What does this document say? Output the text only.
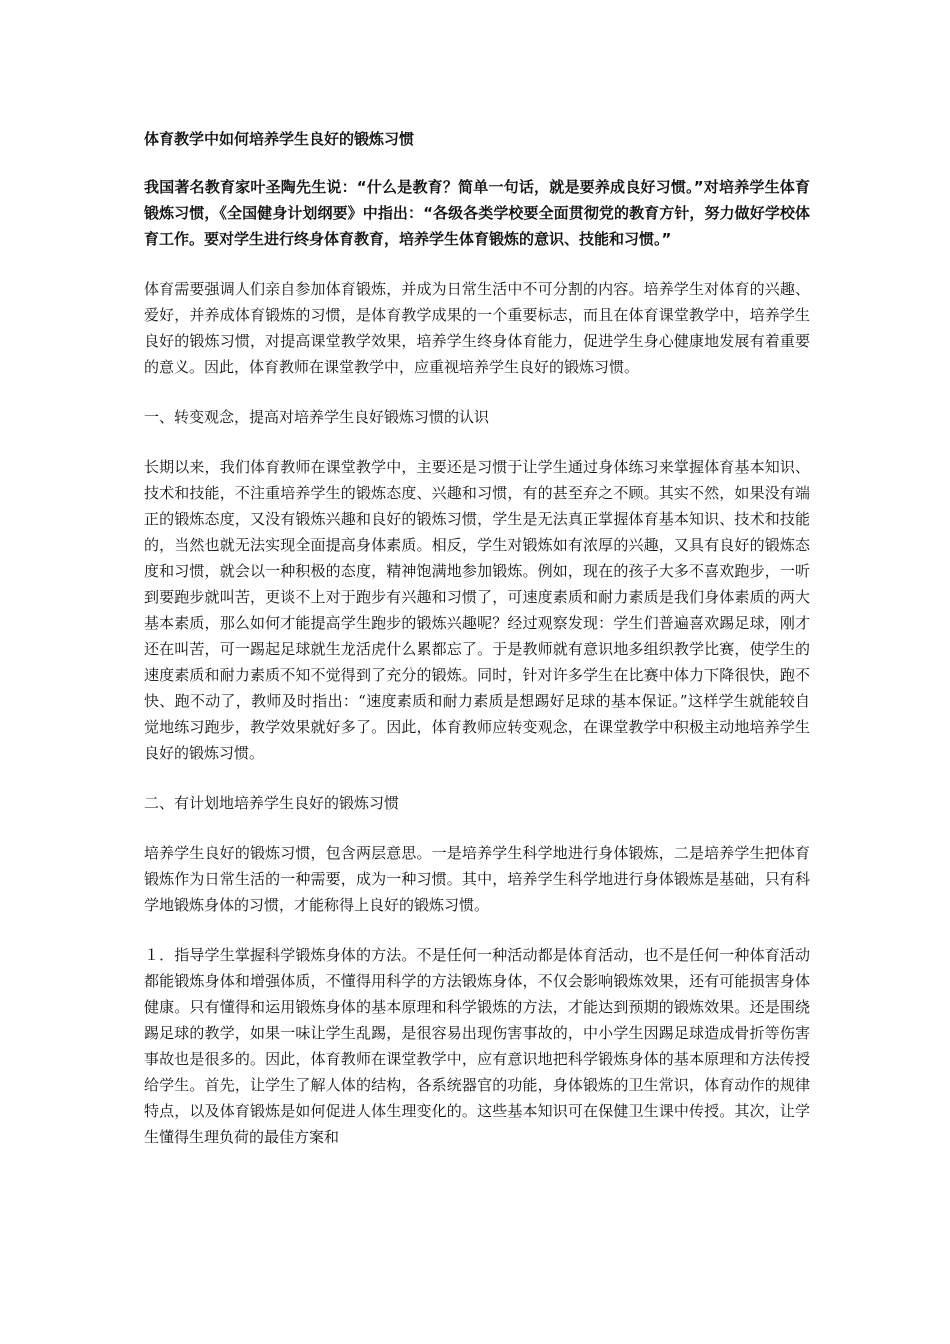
体育教学中如何培养学生良好的锻炼习惯
我国著名教育家叶圣陶先生说：“什么是教育？简单一句话，就是要养成良好习惯。”对培养学生体育锻炼习惯，《全国健身计划纲要》中指出：“各级各类学校要全面贯彻党的教育方针，努力做好学校体育工作。要对学生进行终身体育教育，培养学生体育锻炼的意识、技能和习惯。”
体育需要强调人们亲自参加体育锻炼，并成为日常生活中不可分割的内容。培养学生对体育的兴趣、爱好，并养成体育锻炼的习惯，是体育教学成果的一个重要标志，而且在体育课堂教学中，培养学生良好的锻炼习惯，对提高课堂教学效果，培养学生终身体育能力，促进学生身心健康地发展有着重要的意义。因此，体育教师在课堂教学中，应重视培养学生良好的锻炼习惯。
一、转变观念，提高对培养学生良好锻炼习惯的认识
长期以来，我们体育教师在课堂教学中，主要还是习惯于让学生通过身体练习来掌握体育基本知识、技术和技能，不注重培养学生的锻炼态度、兴趣和习惯，有的甚至弃之不顾。其实不然，如果没有端正的锻炼态度，又没有锻炼兴趣和良好的锻炼习惯，学生是无法真正掌握体育基本知识、技术和技能的，当然也就无法实现全面提高身体素质。相反，学生对锻炼如有浓厚的兴趣，又具有良好的锻炼态度和习惯，就会以一种积极的态度，精神饱满地参加锻炼。例如，现在的孩子大多不喜欢跑步，一听到要跑步就叫苦，更谈不上对于跑步有兴趣和习惯了，可速度素质和耐力素质是我们身体素质的两大基本素质，那么如何才能提高学生跑步的锻炼兴趣呢？经过观察发现：学生们普遍喜欢踢足球，刚才还在叫苦，可一踢起足球就生龙活虎什么累都忘了。于是教师就有意识地多组织教学比赛，使学生的速度素质和耐力素质不知不觉得到了充分的锻炼。同时，针对许多学生在比赛中体力下降很快，跑不快、跑不动了，教师及时指出：“速度素质和耐力素质是想踢好足球的基本保证。”这样学生就能较自觉地练习跑步，教学效果就好多了。因此，体育教师应转变观念，在课堂教学中积极主动地培养学生良好的锻炼习惯。
二、有计划地培养学生良好的锻炼习惯
培养学生良好的锻炼习惯，包含两层意思。一是培养学生科学地进行身体锻炼，二是培养学生把体育锻炼作为日常生活的一种需要，成为一种习惯。其中，培养学生科学地进行身体锻炼是基础，只有科学地锻炼身体的习惯，才能称得上良好的锻炼习惯。
１．指导学生掌握科学锻炼身体的方法。不是任何一种活动都是体育活动，也不是任何一种体育活动都能锻炼身体和增强体质，不懂得用科学的方法锻炼身体，不仅会影响锻炼效果，还有可能损害身体健康。只有懂得和运用锻炼身体的基本原理和科学锻炼的方法，才能达到预期的锻炼效果。还是围绕踢足球的教学，如果一味让学生乱踢，是很容易出现伤害事故的，中小学生因踢足球造成骨折等伤害事故也是很多的。因此，体育教师在课堂教学中，应有意识地把科学锻炼身体的基本原理和方法传授给学生。首先，让学生了解人体的结构，各系统器官的功能，身体锻炼的卫生常识，体育动作的规律特点，以及体育锻炼是如何促进人体生理变化的。这些基本知识可在保健卫生课中传授。其次，让学生懂得生理负荷的最佳方案和
